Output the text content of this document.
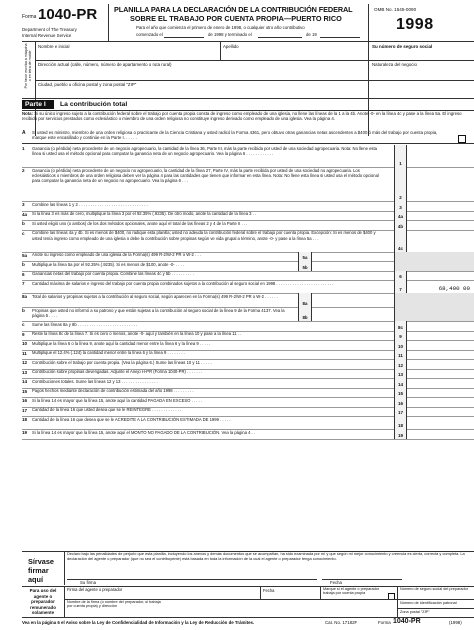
Forma 1040-PR
Department of The Treasury
Internal Revenue Service
PLANILLA PARA LA DECLARACIÓN DE LA CONTRIBUCIÓN FEDERAL
SOBRE EL TRABAJO POR CUENTA PROPIA—PUERTO RICO
Para el año que comienza el primero de enero de 1998, o cualquier otro año contributivo
comenzado el	de 1998 y terminado el	de 19
OMB No. 1545-0090
1998
Por favor escriba a máquina o en letra de molde
Nombre e inicial	Apellido	Su número de seguro social
Dirección actual (calle, número, número de apartamento o ruta rural)	Naturaleza del negocio
Ciudad, pueblo u oficina postal y zona postal "ZIP"
Parte I La contribución total
Nota: Si su único ingreso sujeto a la contribución federal sobre el trabajo por cuenta propia consta de ingreso como empleado de una iglesia, no llene las líneas de la 1 a la 4b. Anote -0- en la línea 4c y pase a la línea 5a. El ingreso recibido por servicios prestados como eclesiástico o miembro de una orden religiosa no constituye ingreso derivado como empleado de una iglesia. Vea la página 4.
A Si usted es ministro, miembro de una orden religiosa o practicante de la Ciencia Cristiana y usted radicó la Forma 4361, pero obtuvo otras ganancias netas ascendentes a $400 ó más del trabajo por cuenta propia, marque este encasillado y continúe en la Parte I. . . . . .
1	Ganancia (o pérdida) neta procedente de un negocio agropecuario, la cantidad de la línea 36, Parte III, más la parte recibida por usted de una sociedad agropecuaria. Nota: No llene esta línea si usted usa el método opcional para computar la ganancia neta de un negocio agropecuario. Vea la página 6 . . . . . . . . . . . .
1
2	Ganancia (o pérdida) neta procedente de un negocio no agropecuario, la cantidad de la línea 27, Parte IV, más la parte recibida por usted de una sociedad no agropecuaria. Los eclesiásticos o miembros de una orden religiosa deben ver la página 4 para las cantidades que tienen que informar en esta línea. Nota: No llene esta línea si usted usa el método opcional para computar la ganancia neta de un negocio no agropecuario. Vea la página 6 . . .
2
3	Combine las líneas 1 y 2 . . . . . . . . . . . . . . . . . . . . . . . . . . . . . .
3
4a	Si la línea 3 es más de cero, multiplique la línea 3 por el 92.35% (.9235). De otro modo, anote la cantidad de la línea 3 . .
4a
b	Si usted eligió uno (o ambos) de los dos métodos opcionales, anote aquí el total de las líneas 2 y 4 de la Parte II . . .
4b
c	Combine las líneas 4a y 4b. Si es menos de $400, no radique esta planilla; usted no adeuda la contribución federal sobre el trabajo por cuenta propia. Excepción: Si es menos de $400 y usted tenía ingreso como empleado de una iglesia o debe la contribución sobre propinas según ve vida grupal a término, anote -0- y pase a la línea 5a . . .
4c
5a	Anote su ingreso como empleado de una iglesia de la Forma(s) 499 R-2/W-2 PR o W-2 . . .
5a
b	Multiplique la línea 5a por el 92.35% (.9235). Si es menos de $100, anote -0- . . . .
5b
6	Ganancias netas del trabajo por cuenta propia. Combine las líneas 4c y 5b . . . . . . . . . .
6
7	Cantidad máxima de salarios e ingreso del trabajo por cuenta propia combinados sujetos a la contribución al seguro social en 1998 . . . . . . . . . . . . . . . . . . . . . . . . .
7	68,400 00
8a	Total de salarios y propinas sujetos a la contribución al seguro social, según aparecen en la Forma(s) 499 R-2/W-2 PR o W-2 . . . . . .
8a
b	Propinas que usted no informó a su patrono y que están sujetas a la contribución al seguro social de la línea 9 de la Forma 4137. Vea la página 5 . . . .	8b
c	Sume las líneas 8a y 8b . . . . . . . . . . . . . . . . . . . . . . . . . .
8c
9	Reste la línea 8c de la línea 7. Si es cero o menos, anote -0- aquí y también en la línea 10 y pase a la línea 11 . .
9
10	Multiplique la línea 6 o la línea 9, anote aquí la cantidad menor entre la línea 6 y la línea 9 . . . . .
10
11	Multiplique el 12.4% (.124) la cantidad menor entre la línea 6 y la línea 9 . . . . . . . .
11
12	Contribución sobre el trabajo por cuenta propia. (Vea la página 6.) Sume las líneas 10 y 11 . . . . .
12
13	Contribución sobre propinas devengadas. Adjunte el Anejo H-PR (Forma 1040-PR) . . . . . . .
13
14	Contribuciones totales. Sume las líneas 12 y 13 . . . . . . . . . . . . . . . .
14
15	Pagos hechos mediante declaración de contribución estimada del año 1998 . . . . . . . . .
15
16	Si la línea 14 es mayor que la línea 15, anote aquí la cantidad PAGADA EN EXCESO . . . . .
16
17	Cantidad de la línea 16 que usted desea que se le REINTEGRE . . . . . . . . . . . . .
17
18	Cantidad de la línea 16 que desea que se le ACREDITE A LA CONTRIBUCIÓN ESTIMADA DE 1999 . . . . .
18
19	Si la línea 14 es mayor que la línea 15, anote aquí el MONTO NO PAGADO DE LA CONTRIBUCIÓN. Vea la página 4 . .
19
Sírvase
firmar
aquí
Declaro bajo las penalidades de perjurio que esta planilla, incluyendo los anexos y demás documentos que se acompañan, ha sido examinada por mí y que según mi mejor conocimiento y creencia es cierta, correcta y completa. La declaración del agente o preparador (que no sea el contribuyente) está basada en toda la información de la cual el agente o preparador tenga conocimiento.
Su firma	Fecha
Para uso del
agente o
preparador
remunerado
solamente
Firma del agente o preparador	Fecha	Marque si el agente o preparador trabaja por cuenta propia
Número de seguro social del preparador
Nombre de la firma (o nombre del preparador, si trabaja por cuenta propia) y dirección
Número de identificación patronal
Zona postal "ZIP"
Vea en la página 6 el Aviso sobre la Ley de Confidencialidad de Información y la Ley de Reducción de Trámites.	Cat. No. 17182F	Forma 1040-PR	(1998)
